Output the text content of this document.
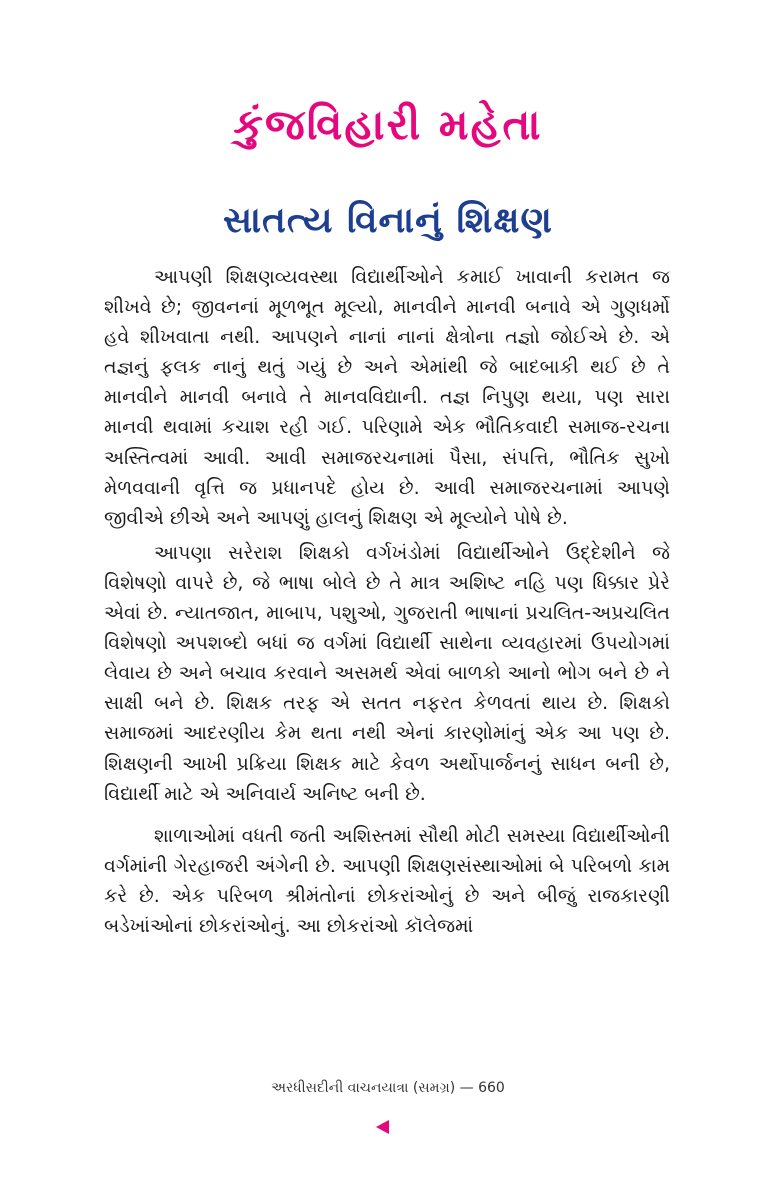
કુંજવિહારી મહેતા
સાતત્ય વિનાનું શિક્ષણ

આપણી શિક્ષણવ્યવસ્થા વિદ્યાર્થીઓને કમાઈ ખાવાની કરામત જ શીખવે છે; જીવનનાં મૂળભૂત મૂલ્યો, માનવીને માનવી બનાવે એ ગુણધર્મો હવે શીખવાતા નથી. આપણને નાનાં નાનાં ક્ષેત્રોના તજ્ઞો જોઈએ છે. એ તજ્ઞનું ફલક નાનું થતું ગયું છે અને એમાંથી જે બાદબાકી થઈ છે તે માનવીને માનવી બનાવે તે માનવવિદ્યાની. તજ્ઞ નિપુણ થયા, પણ સારા માનવી થવામાં કચાશ રહી ગઈ. પરિણામે એક ભૌતિકવાદી સમાજ-રચના અસ્તિત્વમાં આવી. આવી સમાજરચનામાં પૈસા, સંપત્તિ, ભૌતિક સુખો મેળવવાની વૃત્તિ જ પ્રધાનપદે હોય છે. આવી સમાજરચનામાં આપણે જીવીએ છીએ અને આપણું હાલનું શિક્ષણ એ મૂલ્યોને પોષે છે.

આપણા સરેરાશ શિક્ષકો વર્ગખંડોમાં વિદ્યાર્થીઓને ઉદ્દેશીને જે વિશેષણો વાપરે છે, જે ભાષા બોલે છે તે માત્ર અશિષ્ટ નહિ પણ ધિક્કાર પ્રેરે એવાં છે. ન્યાતજાત, માબાપ, પશુઓ, ગુજરાતી ભાષાનાં પ્રચલિત-અપ્રચલિત વિશેષણો અપશબ્દો બધાં જ વર્ગમાં વિદ્યાર્થી સાથેના વ્યવહારમાં ઉપયોગમાં લેવાય છે અને બચાવ કરવાને અસમર્થ એવાં બાળકો આનો ભોગ બને છે ને સાક્ષી બને છે. શિક્ષક તરફ એ સતત નફરત કેળવતાં થાય છે. શિક્ષકો સમાજમાં આદરણીય કેમ થતા નથી એનાં કારણોમાંનું એક આ પણ છે. શિક્ષણની આખી પ્રક્રિયા શિક્ષક માટે કેવળ અર્થોપાર્જનનું સાધન બની છે, વિદ્યાર્થી માટે એ અનિવાર્ય અનિષ્ટ બની છે.

શાળાઓમાં વધતી જતી અશિસ્તમાં સૌથી મોટી સમસ્યા વિદ્યાર્થીઓની વર્ગમાંની ગેરહાજરી અંગેની છે. આપણી શિક્ષણસંસ્થાઓમાં બે પરિબળો કામ કરે છે. એક પરિબળ શ્રીમંતોનાં છોકરાંઓનું છે અને બીજું રાજકારણી બડેખાંઓનાં છોકરાંઓનું. આ છોકરાંઓ કૉલેજમાં

અરધીસદીની વાચનયાત્રા (સમગ્ર) — 660
